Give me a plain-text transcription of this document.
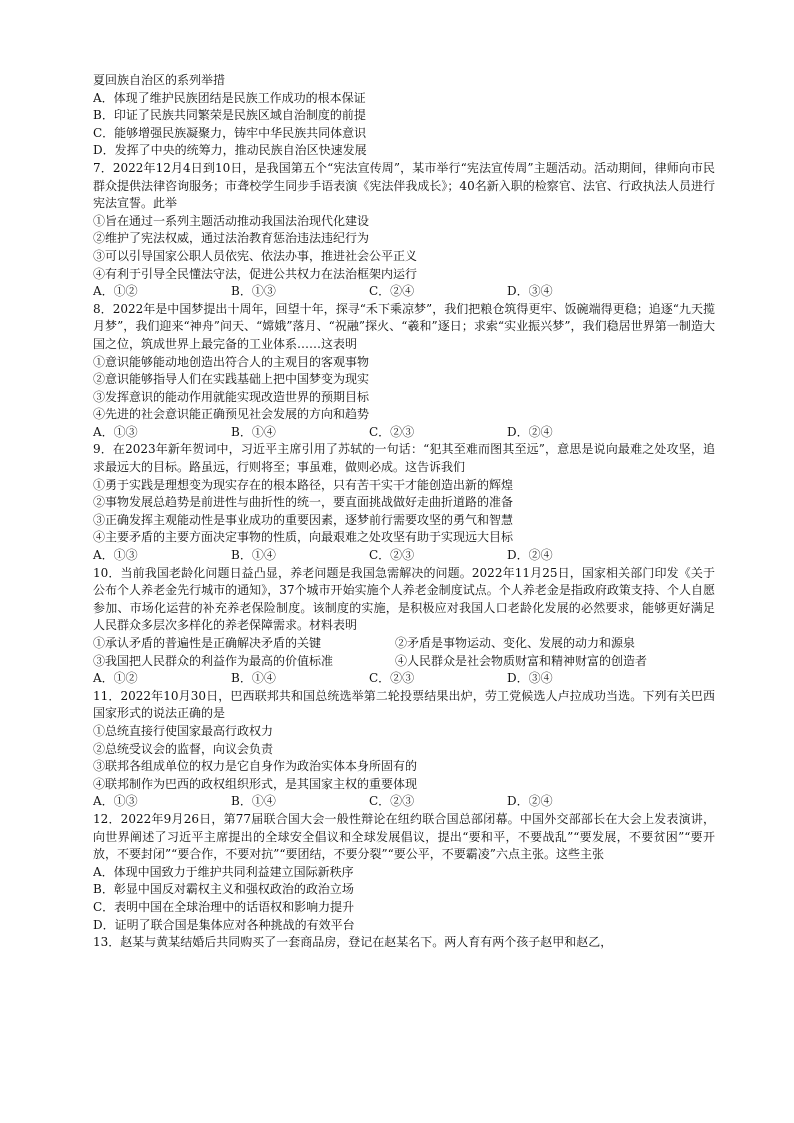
夏回族自治区的系列举措
A．体现了维护民族团结是民族工作成功的根本保证
B．印证了民族共同繁荣是民族区域自治制度的前提
C．能够增强民族凝聚力，铸牢中华民族共同体意识
D．发挥了中央的统筹力，推动民族自治区快速发展
7．2022年12月4日到10日，是我国第五个“宪法宣传周”，某市举行“宪法宣传周”主题活动。活动期间，律师向市民群众提供法律咨询服务；市聋校学生同步手语表演《宪法伴我成长》；40名新入职的检察官、法官、行政执法人员进行宪法宣誓。此举
①旨在通过一系列主题活动推动我国法治现代化建设
②维护了宪法权威，通过法治教育惩治违法违纪行为
③可以引导国家公职人员依宪、依法办事，推进社会公平正义
④有利于引导全民懂法守法，促进公共权力在法治框架内运行
A．①②	B．①③	C．②④	D．③④
8．2022年是中国梦提出十周年，回望十年，探寻“禾下乘凉梦”，我们把粮仓筑得更牢、饭碗端得更稳；追逐“九天揽月梦”，我们迎来“神舟”问天、“嫦娥”落月、“祝融”探火、“羲和”逐日；求索“实业振兴梦”，我们稳居世界第一制造大国之位，筑成世界上最完备的工业体系……这表明
①意识能够能动地创造出符合人的主观目的客观事物
②意识能够指导人们在实践基础上把中国梦变为现实
③发挥意识的能动作用就能实现改造世界的预期目标
④先进的社会意识能正确预见社会发展的方向和趋势
A．①③	B．①④	C．②③	D．②④
9．在2023年新年贺词中，习近平主席引用了苏轼的一句话：“犯其至难而图其至远”，意思是说向最难之处攻坚，追求最远大的目标。路虽远，行则将至；事虽难，做则必成。这告诉我们
①勇于实践是理想变为现实存在的根本路径，只有苦干实干才能创造出新的辉煌
②事物发展总趋势是前进性与曲折性的统一，要直面挑战做好走曲折道路的准备
③正确发挥主观能动性是事业成功的重要因素，逐梦前行需要攻坚的勇气和智慧
④主要矛盾的主要方面决定事物的性质，向最艰难之处攻坚有助于实现远大目标
A．①③	B．①④	C．②③	D．②④
10．当前我国老龄化问题日益凸显，养老问题是我国急需解决的问题。2022年11月25日，国家相关部门印发《关于公布个人养老金先行城市的通知》，37个城市开始实施个人养老金制度试点。个人养老金是指政府政策支持、个人自愿参加、市场化运营的补充养老保险制度。该制度的实施，是积极应对我国人口老龄化发展的必然要求，能够更好满足人民群众多层次多样化的养老保障需求。材料表明
①承认矛盾的普遍性是正确解决矛盾的关键	②矛盾是事物运动、变化、发展的动力和源泉
③我国把人民群众的利益作为最高的价值标准	④人民群众是社会物质财富和精神财富的创造者
A．①②	B．①④	C．②③	D．③④
11．2022年10月30日，巴西联邦共和国总统选举第二轮投票结果出炉，劳工党候选人卢拉成功当选。下列有关巴西国家形式的说法正确的是
①总统直接行使国家最高行政权力
②总统受议会的监督，向议会负责
③联邦各组成单位的权力是它自身作为政治实体本身所固有的
④联邦制作为巴西的政权组织形式，是其国家主权的重要体现
A．①③	B．①④	C．②③	D．②④
12．2022年9月26日，第77届联合国大会一般性辩论在纽约联合国总部闭幕。中国外交部部长在大会上发表演讲，向世界阐述了习近平主席提出的全球安全倡议和全球发展倡议，提出“要和平，不要战乱”“要发展，不要贫困”“要开放，不要封闭”“要合作，不要对抗”“要团结，不要分裂”“要公平，不要霸凌”六点主张。这些主张
A．体现中国致力于维护共同利益建立国际新秩序
B．彰显中国反对霸权主义和强权政治的政治立场
C．表明中国在全球治理中的话语权和影响力提升
D．证明了联合国是集体应对各种挑战的有效平台
13．赵某与黄某结婚后共同购买了一套商品房，登记在赵某名下。两人育有两个孩子赵甲和赵乙，
